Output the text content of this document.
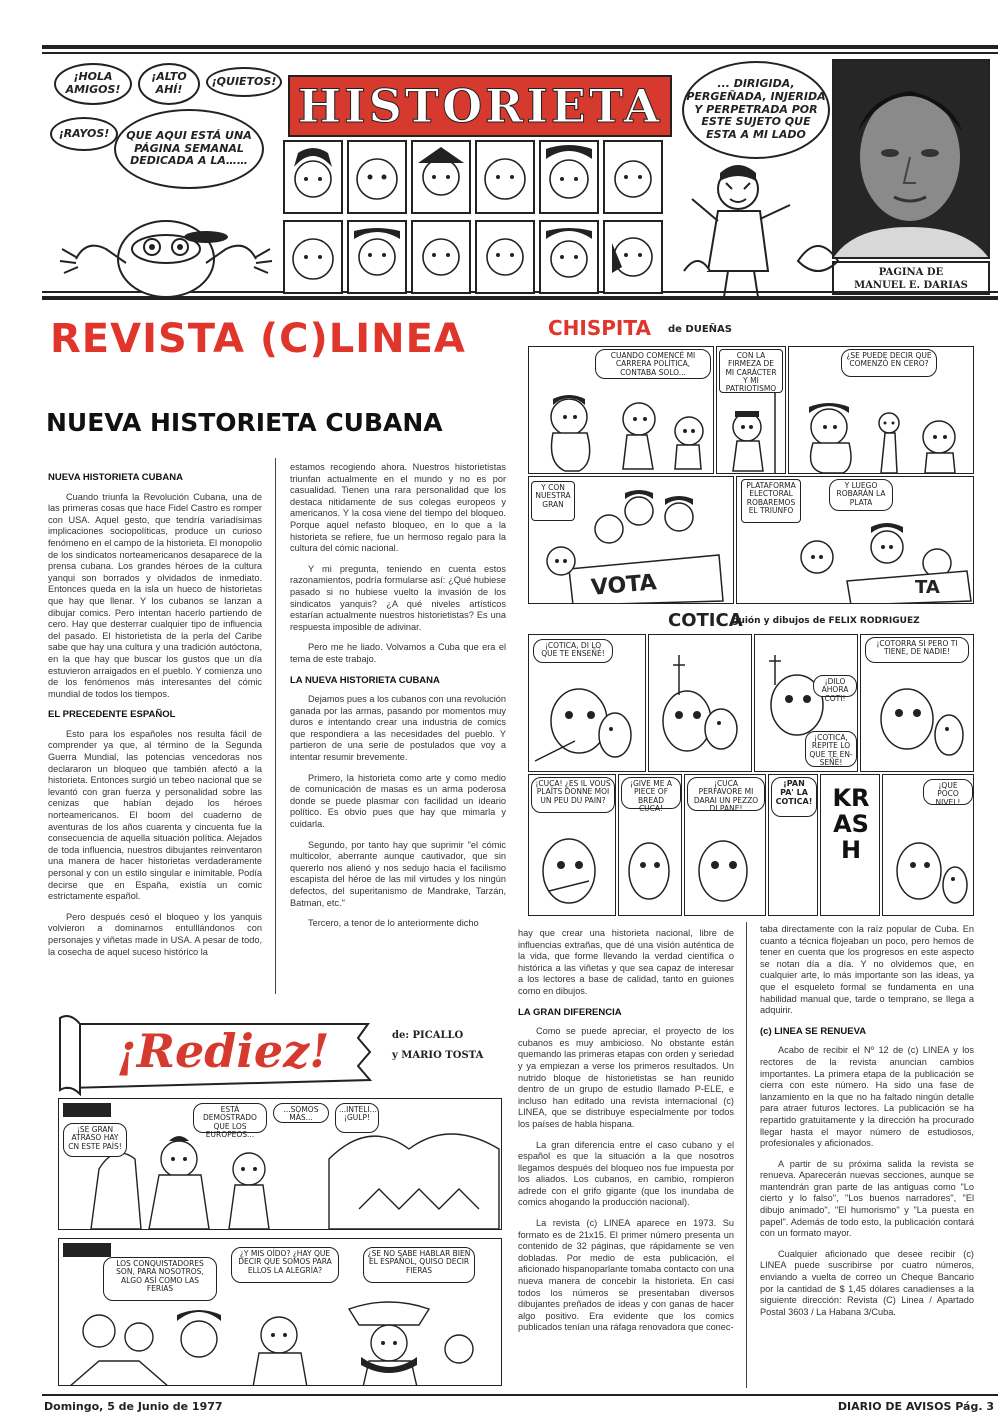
¡HOLA AMIGOS!
¡ALTO AHÍ!
¡QUIETOS!
¡RAYOS!	QUE AQUI ESTÁ UNA PÁGINA SEMANAL DEDICADA A LA……
HISTORIETA	... DIRIGIDA, PERGEÑADA, INJERIDA Y PERPETRADA POR ESTE SUJETO QUE ESTA A MI LADO
PAGINA DE
MANUEL E. DARIAS
REVISTA (C)LINEA
NUEVA HISTORIETA CUBANA
NUEVA HISTORIETA CUBANA

Cuando triunfa la Revolución Cubana, una de las primeras cosas que hace Fidel Castro es romper con USA. Aquel gesto, que tendría variadísimas implicaciones sociopolíticas, produce un curioso fenómeno en el campo de la historieta. El monopolio de los sindicatos norteamericanos desaparece de la prensa cubana. Los grandes héroes de la cultura yanqui son borrados y olvidados de inmediato. Entonces queda en la isla un hueco de historietas que hay que llenar. Y los cubanos se lanzan a dibujar comics. Pero intentan hacerlo partiendo de cero. Hay que desterrar cualquier tipo de influencia del pasado. El historietista de la perla del Caribe sabe que hay una cultura y una tradición autóctona, en la que hay que buscar los gustos que un día estuvieron arraigados en el pueblo. Y comienza uno de los fenómenos más interesantes del cómic mundial de todos los tiempos.

EL PRECEDENTE ESPAÑOL

Esto para los españoles nos resulta fácil de comprender ya que, al término de la Segunda Guerra Mundial, las potencias vencedoras nos declararon un bloqueo que también afectó a la historieta. Entonces surgió un tebeo nacional que se levantó con gran fuerza y personalidad sobre las cenizas que habían dejado los héroes norteamericanos. El boom del cuaderno de aventuras de los años cuarenta y cincuenta fue la consecuencia de aquella situación política. Alejados de toda influencia, nuestros dibujantes reinventaron una manera de hacer historietas verdaderamente personal y con un estilo singular e inimitable. Podía decirse que en España, existía un comic estrictamente español.

Pero después cesó el bloqueo y los yanquis volvieron a dominarnos entulllándonos con personajes y viñetas made in USA. A pesar de todo, la cosecha de aquel suceso histórico la

estamos recogiendo ahora. Nuestros historietistas triunfan actualmente en el mundo y no es por casualidad. Tienen una rara personalidad que los destaca nitidamente de sus colegas europeos y americanos. Y la cosa viene del tiempo del bloqueo. Porque aquel nefasto bloqueo, en lo que a la historieta se refiere, fue un hermoso regalo para la cultura del cómic nacional.

Y mi pregunta, teniendo en cuenta estos razonamientos, podría formularse así: ¿Qué hubiese pasado si no hubiese vuelto la invasión de los sindicatos yanquis? ¿A qué niveles artísticos estarían actualmente nuestros historietistas? Es una respuesta imposible de adivinar.

Pero me he liado. Volvamos a Cuba que era el tema de este trabajo.

LA NUEVA HISTORIETA CUBANA

Dejamos pues a los cubanos con una revolución ganada por las armas, pasando por momentos muy duros e intentando crear una industria de comics que respondiera a las necesidades del pueblo. Y partieron de una serie de postulados que voy a intentar resumir brevemente.

Primero, la historieta como arte y como medio de comunicación de masas es un arma poderosa donde se puede plasmar con facilidad un ideario político. Es obvio pues que hay que mimarla y cuidarla.

Segundo, por tanto hay que suprimir "el cómic multicolor, aberrante aunque cautivador, que sin quererlo nos alienó y nos sedujo hacia el facilismo escapista del héroe de las mil virtudes y los ningún defectos, del superitanismo de Mandrake, Tarzán, Batman, etc."

Tercero, a tenor de lo anteriormente dicho

hay que crear una historieta nacional, libre de influencias extrañas, que dé una visión auténtica de la vida, que forme llevando la verdad científica o histórica a las viñetas y que sea capaz de interesar a los lectores a base de calidad, tanto en guiones como en dibujos.

LA GRAN DIFERENCIA

Como se puede apreciar, el proyecto de los cubanos es muy ambicioso. No obstante están quemando las primeras etapas con orden y seriedad y ya empiezan a verse los primeros resultados. Un nutrido bloque de historietistas se han reunido dentro de un grupo de estudio llamado P-ELE, e incluso han editado una revista internacional (c) LINEA, que se distribuye especialmente por todos los países de habla hispana.

La gran diferencia entre el caso cubano y el español es que la situación a la que nosotros llegamos después del bloqueo nos fue impuesta por los aliados. Los cubanos, en cambio, rompieron adrede con el grifo gigante (que los inundaba de comics ahogando la producción nacional).

La revista (c) LINEA aparece en 1973. Su formato es de 21x15. El primer número presenta un contenido de 32 páginas, que rápidamente se ven dobladas. Por medio de esta publicación, el aficionado hispanoparlante tomaba contacto con una nueva manera de concebir la historieta. En casi todos los números se presentaban diversos dibujantes preñados de ideas y con ganas de hacer algo positivo. Era evidente que los comics publicados tenían una ráfaga renovadora que conec-

taba directamente con la raíz popular de Cuba. En cuanto a técnica flojeaban un poco, pero hemos de tener en cuenta que los progresos en este aspecto se notan día a día. Y no olvidemos que, en cualquier arte, lo más importante son las ideas, ya que el esqueleto formal se fundamenta en una habilidad manual que, tarde o temprano, se llega a adquirir.

(c) LINEA SE RENUEVA

Acabo de recibir el Nº 12 de (c) LINEA y los rectores de la revista anuncian cambios importantes. La primera etapa de la publicación se cierra con este número. Ha sido una fase de lanzamiento en la que no ha faltado ningún detalle para atraer futuros lectores. La publicación se ha repartido gratuitamente y la dirección ha procurado llegar hasta el mayor número de estudiosos, profesionales y aficionados.

A partir de su próxima salida la revista se renueva. Aparecerán nuevas secciones, aunque se mantendrán gran parte de las antiguas como "Lo cierto y lo falso", "Los buenos narradores", "El dibujo animado", "El humorismo" y "La puesta en papel". Además de todo esto, la publicación contará con un formato mayor.

Cualquier aficionado que desee recibir (c) LINEA puede suscribirse por cuatro números, enviando a vuelta de correo un Cheque Bancario por la cantidad de $ 1,45 dólares canadienses a la siguiente dirección: Revista (C) Linea / Apartado Postal 3603 / La Habana 3/Cuba.

CHISPITA de DUEÑAS
CUANDO COMENCÉ MI CARRERA POLÍTICA, CONTABA SOLO...
CON LA FIRMEZA DE MI CARÁCTER Y MI PATRIOTISMO
¿SE PUEDE DECIR QUE COMENZÓ EN CERO?
Y CON NUESTRA GRAN
VOTA
PLATAFORMA ELECTORAL ROBAREMOS EL TRIUNFO
Y LUEGO ROBARÁN LA PLATA
TA
COTICA
guión y dibujos de FELIX RODRIGUEZ
¡COTICA, DI LO QUE TE ENSEÑÉ!
¡DILO AHORA COTI!
¡COTICA, REPITE LO QUE TE EN-SEÑÉ!
¡COTORRA SI PERO TI TIENE, DE NADIE!
¡CUCA! ¿ES IL VOUS PLAÎTS DONNE MOI UN PEU DU PAIN?
¡GIVE ME A PIECE OF BREAD CUCA!
¡CUCA PERFAVORE MI DARAI UN PEZZO DI PANE!
¡PAN PA' LA COTICA! KRASH
¡QUE POCO NIVEL!
¡Rediez!	de: PICALLO
y MARIO TOSTA
ESTÁ DEMOSTRADO QUE LOS EUROPEOS...
...SOMOS MÁS...
...INTELI... ¡GULP!
¡SE GRAN ATRASO HAY CN ESTE PAÍS!
LOS CONQUISTADORES SON, PARA NOSOTROS, ALGO ASÍ COMO LAS FERIAS
¿Y MIS OÍDO? ¿HAY QUE DECIR QUE SOMOS PARA ELLOS LA ALEGRÍA?
¿SE NO SABE HABLAR BIEN EL ESPAÑOL, QUISO DECIR FIERAS
Domingo, 5 de Junio de 1977	DIARIO DE AVISOS Pág. 3
